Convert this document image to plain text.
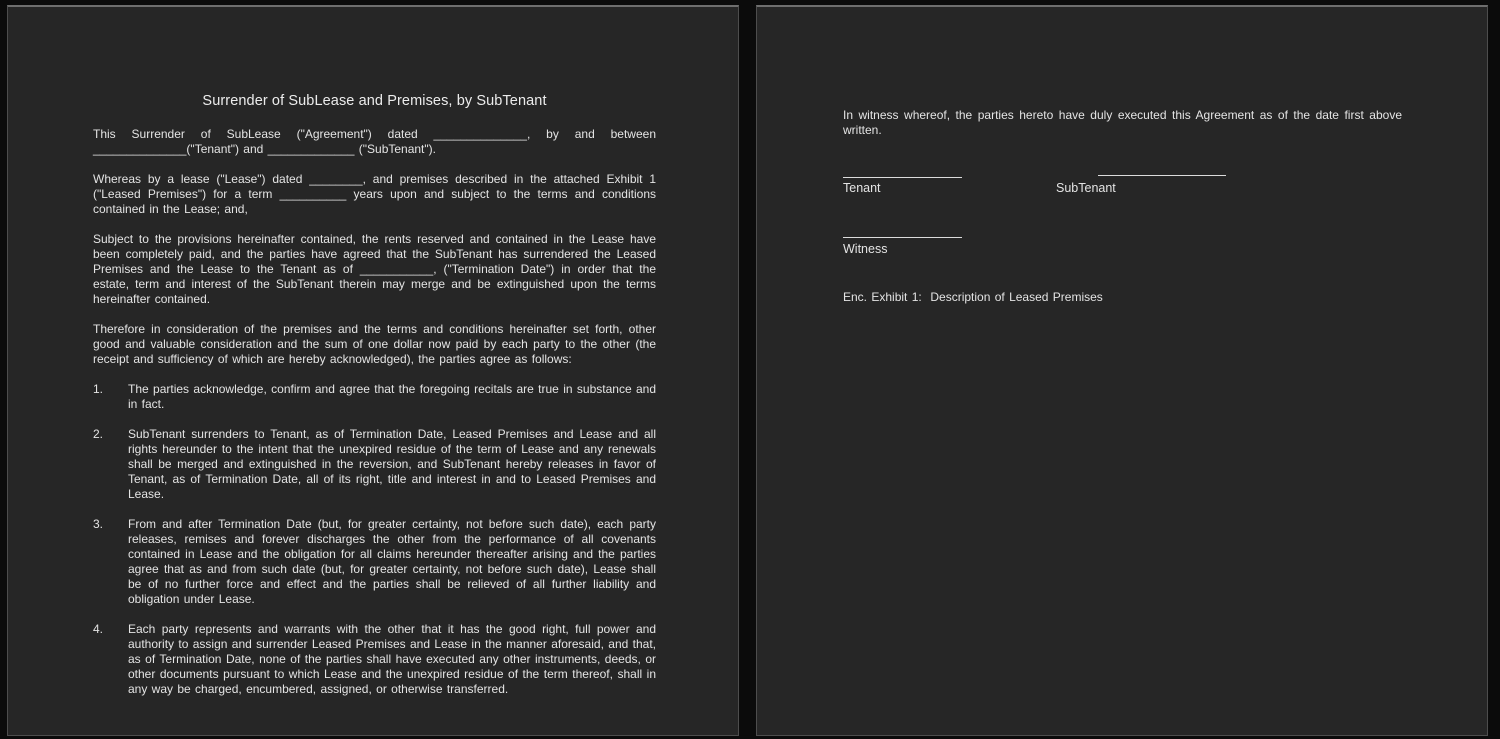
Surrender of SubLease and Premises, by SubTenant

This Surrender of SubLease ("Agreement") dated ______________, by and between ______________("Tenant") and _____________ ("SubTenant").

Whereas by a lease ("Lease") dated ________, and premises described in the attached Exhibit 1 ("Leased Premises") for a term __________ years upon and subject to the terms and conditions contained in the Lease; and,

Subject to the provisions hereinafter contained, the rents reserved and contained in the Lease have been completely paid, and the parties have agreed that the SubTenant has surrendered the Leased Premises and the Lease to the Tenant as of ___________, ("Termination Date") in order that the estate, term and interest of the SubTenant therein may merge and be extinguished upon the terms hereinafter contained.

Therefore in consideration of the premises and the terms and conditions hereinafter set forth, other good and valuable consideration and the sum of one dollar now paid by each party to the other (the receipt and sufficiency of which are hereby acknowledged), the parties agree as follows:

1.	The parties acknowledge, confirm and agree that the foregoing recitals are true in substance and in fact.
2.	SubTenant surrenders to Tenant, as of Termination Date, Leased Premises and Lease and all rights hereunder to the intent that the unexpired residue of the term of Lease and any renewals shall be merged and extinguished in the reversion, and SubTenant hereby releases in favor of Tenant, as of Termination Date, all of its right, title and interest in and to Leased Premises and Lease.
3.	From and after Termination Date (but, for greater certainty, not before such date), each party releases, remises and forever discharges the other from the performance of all covenants contained in Lease and the obligation for all claims hereunder thereafter arising and the parties agree that as and from such date (but, for greater certainty, not before such date), Lease shall be of no further force and effect and the parties shall be relieved of all further liability and obligation under Lease.
4.	Each party represents and warrants with the other that it has the good right, full power and authority to assign and surrender Leased Premises and Lease in the manner aforesaid, and that, as of Termination Date, none of the parties shall have executed any other instruments, deeds, or other documents pursuant to which Lease and the unexpired residue of the term thereof, shall in any way be charged, encumbered, assigned, or otherwise transferred.

In witness whereof, the parties hereto have duly executed this Agreement as of the date first above written.

Tenant	SubTenant
Witness

Enc. Exhibit 1:  Description of Leased Premises
